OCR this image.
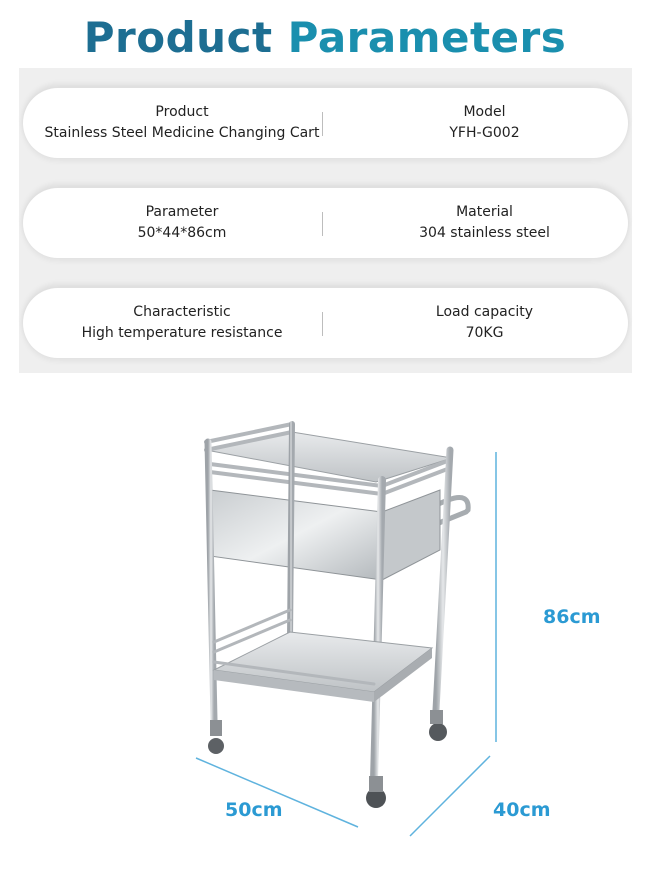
Product Parameters
Product
Stainless Steel Medicine Changing Cart
Model
YFH-G002
Parameter
50*44*86cm
Material
304 stainless steel
Characteristic
High temperature resistance
Load capacity
70KG
86cm
50cm	40cm
